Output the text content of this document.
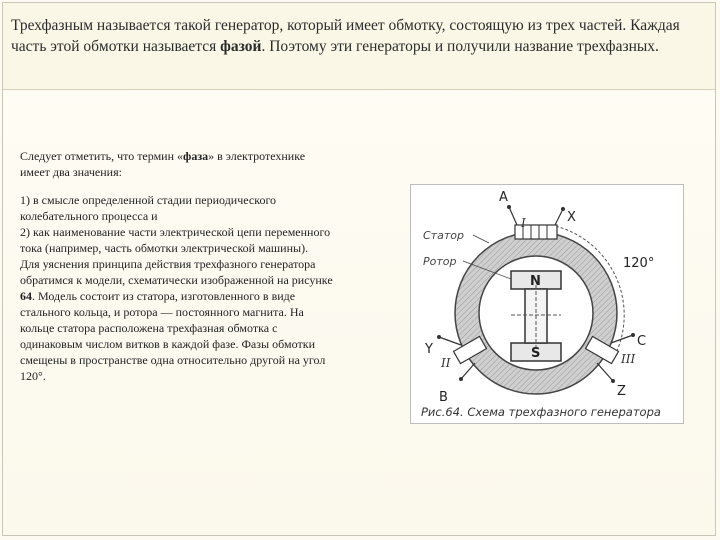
Трехфазным называется такой генератор, который имеет обмотку, состоящую из трех частей. Каждая часть этой обмотки называется фазой. Поэтому эти генераторы и получили название трехфазных.

Следует отметить, что термин «фаза» в электротехнике имеет два значения:

1) в смысле определенной стадии периодического колебательного процесса и
2) как наименование части электрической цепи переменного тока (например, часть обмотки электрической машины).
Для уяснения принципа действия трехфазного генератора обратимся к модели, схематически изображенной на рисунке 64. Модель состоит из статора, изготовленного в виде стального кольца, и ротора — постоянного магнита. На кольце статора расположена трехфазная обмотка с одинаковым числом витков в каждой фазе. Фазы обмотки смещены в пространстве одна относительно другой на угол 120°.
A
X
Y
B
C
Z
I
II	III
Статор
Ротор	120°
N
S
Рис.64. Схема трехфазного генератора
